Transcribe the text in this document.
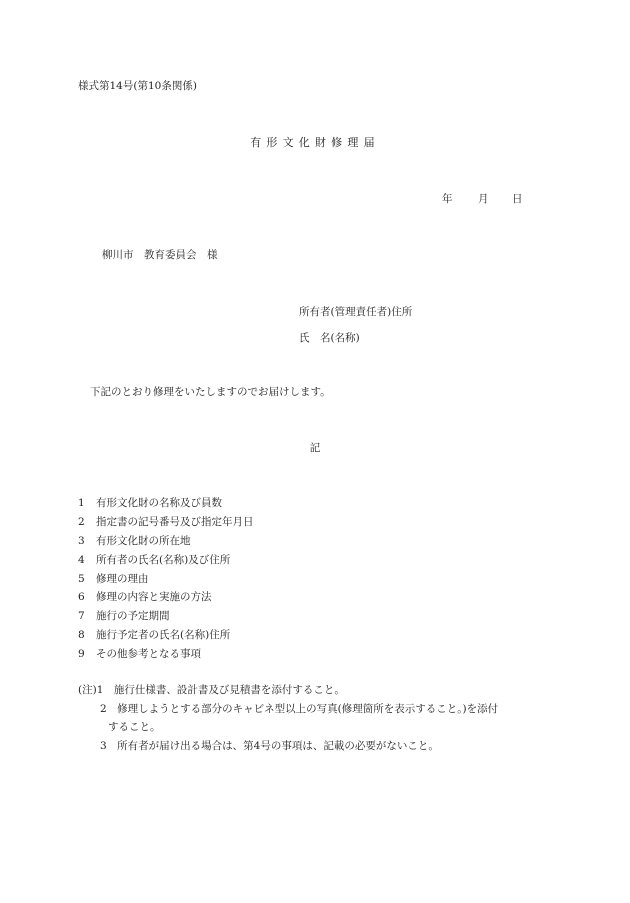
様式第14号(第10条関係)
有形文化財修理届
年 月 日
柳川市　教育委員会　様
所有者(管理責任者)住所
氏　名(名称)
下記のとおり修理をいたしますのでお届けします。
記
1	有形文化財の名称及び員数
2	指定書の記号番号及び指定年月日
3	有形文化財の所在地
4	所有者の氏名(名称)及び住所
5	修理の理由
6	修理の内容と実施の方法
7	施行の予定期間
8	施行予定者の氏名(名称)住所
9	その他参考となる事項
(注)1　施行仕様書、設計書及び見積書を添付すること。
2　修理しようとする部分のキャビネ型以上の写真(修理箇所を表示すること。)を添付
すること。
3　所有者が届け出る場合は、第4号の事項は、記載の必要がないこと。
